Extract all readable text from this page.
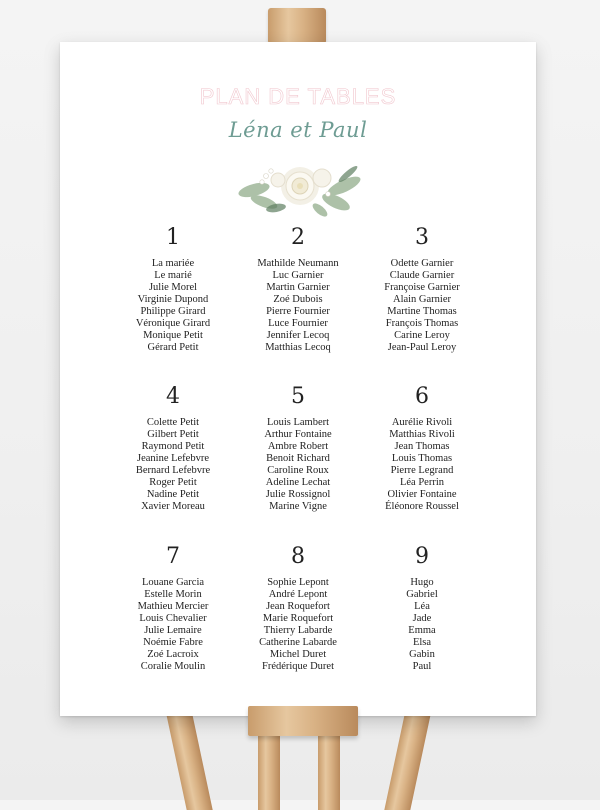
PLAN DE TABLES
Léna et Paul
1
La mariée
Le marié
Julie Morel
Virginie Dupond
Philippe Girard
Véronique Girard
Monique Petit
Gérard Petit
2
Mathilde Neumann
Luc Garnier
Martin Garnier
Zoé Dubois
Pierre Fournier
Luce Fournier
Jennifer Lecoq
Matthias Lecoq
3
Odette Garnier
Claude Garnier
Françoise Garnier
Alain Garnier
Martine Thomas
François Thomas
Carine Leroy
Jean-Paul Leroy
4
Colette Petit
Gilbert Petit
Raymond Petit
Jeanine Lefebvre
Bernard Lefebvre
Roger Petit
Nadine Petit
Xavier Moreau
5
Louis Lambert
Arthur Fontaine
Ambre Robert
Benoit Richard
Caroline Roux
Adeline Lechat
Julie Rossignol
Marine Vigne
6
Aurélie Rivoli
Matthias Rivoli
Jean Thomas
Louis Thomas
Pierre Legrand
Léa Perrin
Olivier Fontaine
Éléonore Roussel
7
Louane Garcia
Estelle Morin
Mathieu Mercier
Louis Chevalier
Julie Lemaire
Noémie Fabre
Zoé Lacroix
Coralie Moulin
8
Sophie Lepont
André Lepont
Jean Roquefort
Marie Roquefort
Thierry Labarde
Catherine Labarde
Michel Duret
Frédérique Duret
9
Hugo
Gabriel
Léa
Jade
Emma
Elsa
Gabin
Paul
